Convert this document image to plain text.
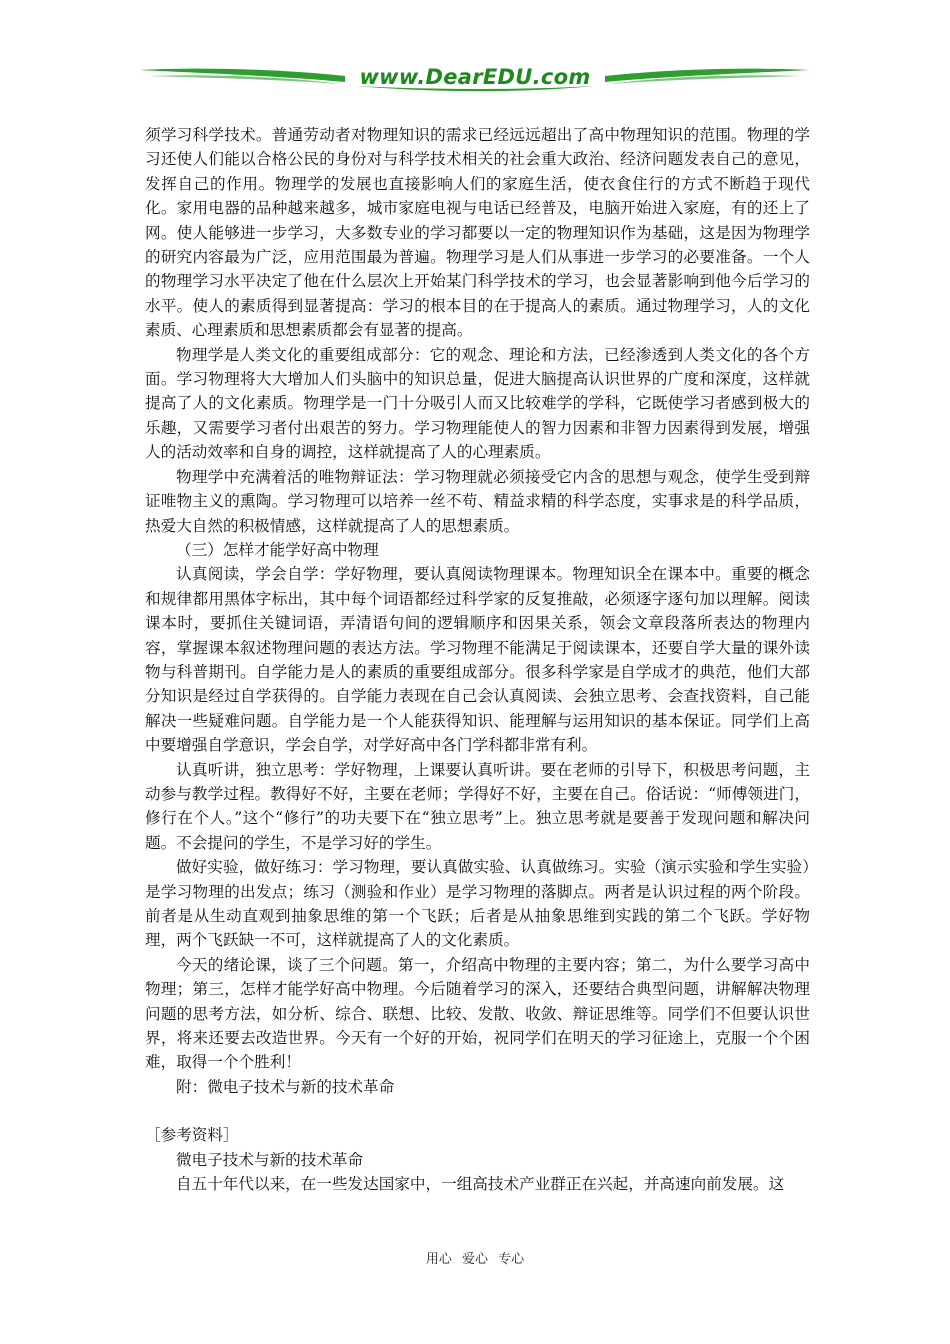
www.DearEDU.com

须学习科学技术。普通劳动者对物理知识的需求已经远远超出了高中物理知识的范围。物理的学习还使人们能以合格公民的身份对与科学技术相关的社会重大政治、经济问题发表自己的意见，发挥自己的作用。物理学的发展也直接影响人们的家庭生活，使衣食住行的方式不断趋于现代化。家用电器的品种越来越多，城市家庭电视与电话已经普及，电脑开始进入家庭，有的还上了网。使人能够进一步学习，大多数专业的学习都要以一定的物理知识作为基础，这是因为物理学的研究内容最为广泛，应用范围最为普遍。物理学习是人们从事进一步学习的必要准备。一个人的物理学习水平决定了他在什么层次上开始某门科学技术的学习，也会显著影响到他今后学习的水平。使人的素质得到显著提高：学习的根本目的在于提高人的素质。通过物理学习，人的文化素质、心理素质和思想素质都会有显著的提高。

物理学是人类文化的重要组成部分：它的观念、理论和方法，已经渗透到人类文化的各个方面。学习物理将大大增加人们头脑中的知识总量，促进大脑提高认识世界的广度和深度，这样就提高了人的文化素质。物理学是一门十分吸引人而又比较难学的学科，它既使学习者感到极大的乐趣，又需要学习者付出艰苦的努力。学习物理能使人的智力因素和非智力因素得到发展，增强人的活动效率和自身的调控，这样就提高了人的心理素质。

物理学中充满着活的唯物辩证法：学习物理就必须接受它内含的思想与观念，使学生受到辩证唯物主义的熏陶。学习物理可以培养一丝不苟、精益求精的科学态度，实事求是的科学品质，热爱大自然的积极情感，这样就提高了人的思想素质。

（三）怎样才能学好高中物理

认真阅读，学会自学：学好物理，要认真阅读物理课本。物理知识全在课本中。重要的概念和规律都用黑体字标出，其中每个词语都经过科学家的反复推敲，必须逐字逐句加以理解。阅读课本时，要抓住关键词语，弄清语句间的逻辑顺序和因果关系，领会文章段落所表达的物理内容，掌握课本叙述物理问题的表达方法。学习物理不能满足于阅读课本，还要自学大量的课外读物与科普期刊。自学能力是人的素质的重要组成部分。很多科学家是自学成才的典范，他们大部分知识是经过自学获得的。自学能力表现在自己会认真阅读、会独立思考、会查找资料，自己能解决一些疑难问题。自学能力是一个人能获得知识、能理解与运用知识的基本保证。同学们上高中要增强自学意识，学会自学，对学好高中各门学科都非常有利。

认真听讲，独立思考：学好物理，上课要认真听讲。要在老师的引导下，积极思考问题，主动参与教学过程。教得好不好，主要在老师；学得好不好，主要在自己。俗话说：“师傅领进门，修行在个人。”这个“修行”的功夫要下在“独立思考”上。独立思考就是要善于发现问题和解决问题。不会提问的学生，不是学习好的学生。

做好实验，做好练习：学习物理，要认真做实验、认真做练习。实验（演示实验和学生实验）是学习物理的出发点；练习（测验和作业）是学习物理的落脚点。两者是认识过程的两个阶段。前者是从生动直观到抽象思维的第一个飞跃；后者是从抽象思维到实践的第二个飞跃。学好物理，两个飞跃缺一不可，这样就提高了人的文化素质。

今天的绪论课，谈了三个问题。第一，介绍高中物理的主要内容；第二，为什么要学习高中物理；第三，怎样才能学好高中物理。今后随着学习的深入，还要结合典型问题，讲解解决物理问题的思考方法，如分析、综合、联想、比较、发散、收敛、辩证思维等。同学们不但要认识世界，将来还要去改造世界。今天有一个好的开始，祝同学们在明天的学习征途上，克服一个个困难，取得一个个胜利！

附：微电子技术与新的技术革命

［参考资料］

微电子技术与新的技术革命

自五十年代以来，在一些发达国家中，一组高技术产业群正在兴起，并高速向前发展。这

用心 爱心 专心
